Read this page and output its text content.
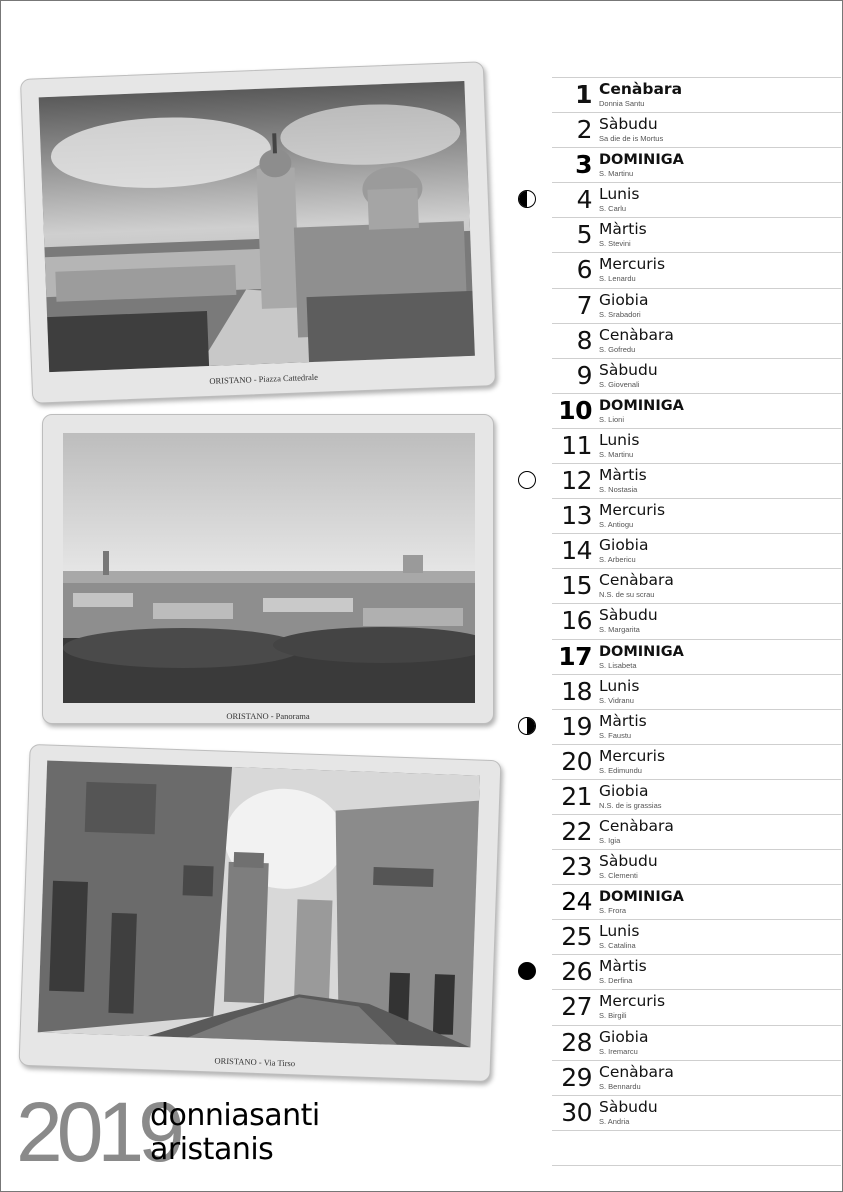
ORISTANO - Piazza Cattedrale
ORISTANO - Panorama
ORISTANO - Via Tirso
2019
donniasanti
aristanis
1 Cenàbara
Donnia Santu
2 Sàbudu
Sa die de is Mortus
3 DOMINIGA
S. Martinu
4 Lunis
S. Carlu
5 Màrtis
S. Stevini
6 Mercuris
S. Lenardu
7 Giobia
S. Srabadori
8 Cenàbara
S. Gofredu
9 Sàbudu
S. Giovenali
10 DOMINIGA
S. Lioni
11 Lunis
S. Martinu
12 Màrtis
S. Nostasia
13 Mercuris
S. Antiogu
14 Giobia
S. Arbericu
15 Cenàbara
N.S. de su scrau
16 Sàbudu
S. Margarita
17 DOMINIGA
S. Lisabeta
18 Lunis
S. Vidranu
19 Màrtis
S. Faustu
20 Mercuris
S. Edimundu
21 Giobia
N.S. de is grassias
22 Cenàbara
S. Igia
23 Sàbudu
S. Clementi
24 DOMINIGA
S. Frora
25 Lunis
S. Catalina
26 Màrtis
S. Derfina
27 Mercuris
S. Birgili
28 Giobia
S. Iremarcu
29 Cenàbara
S. Bennardu
30 Sàbudu
S. Andria
